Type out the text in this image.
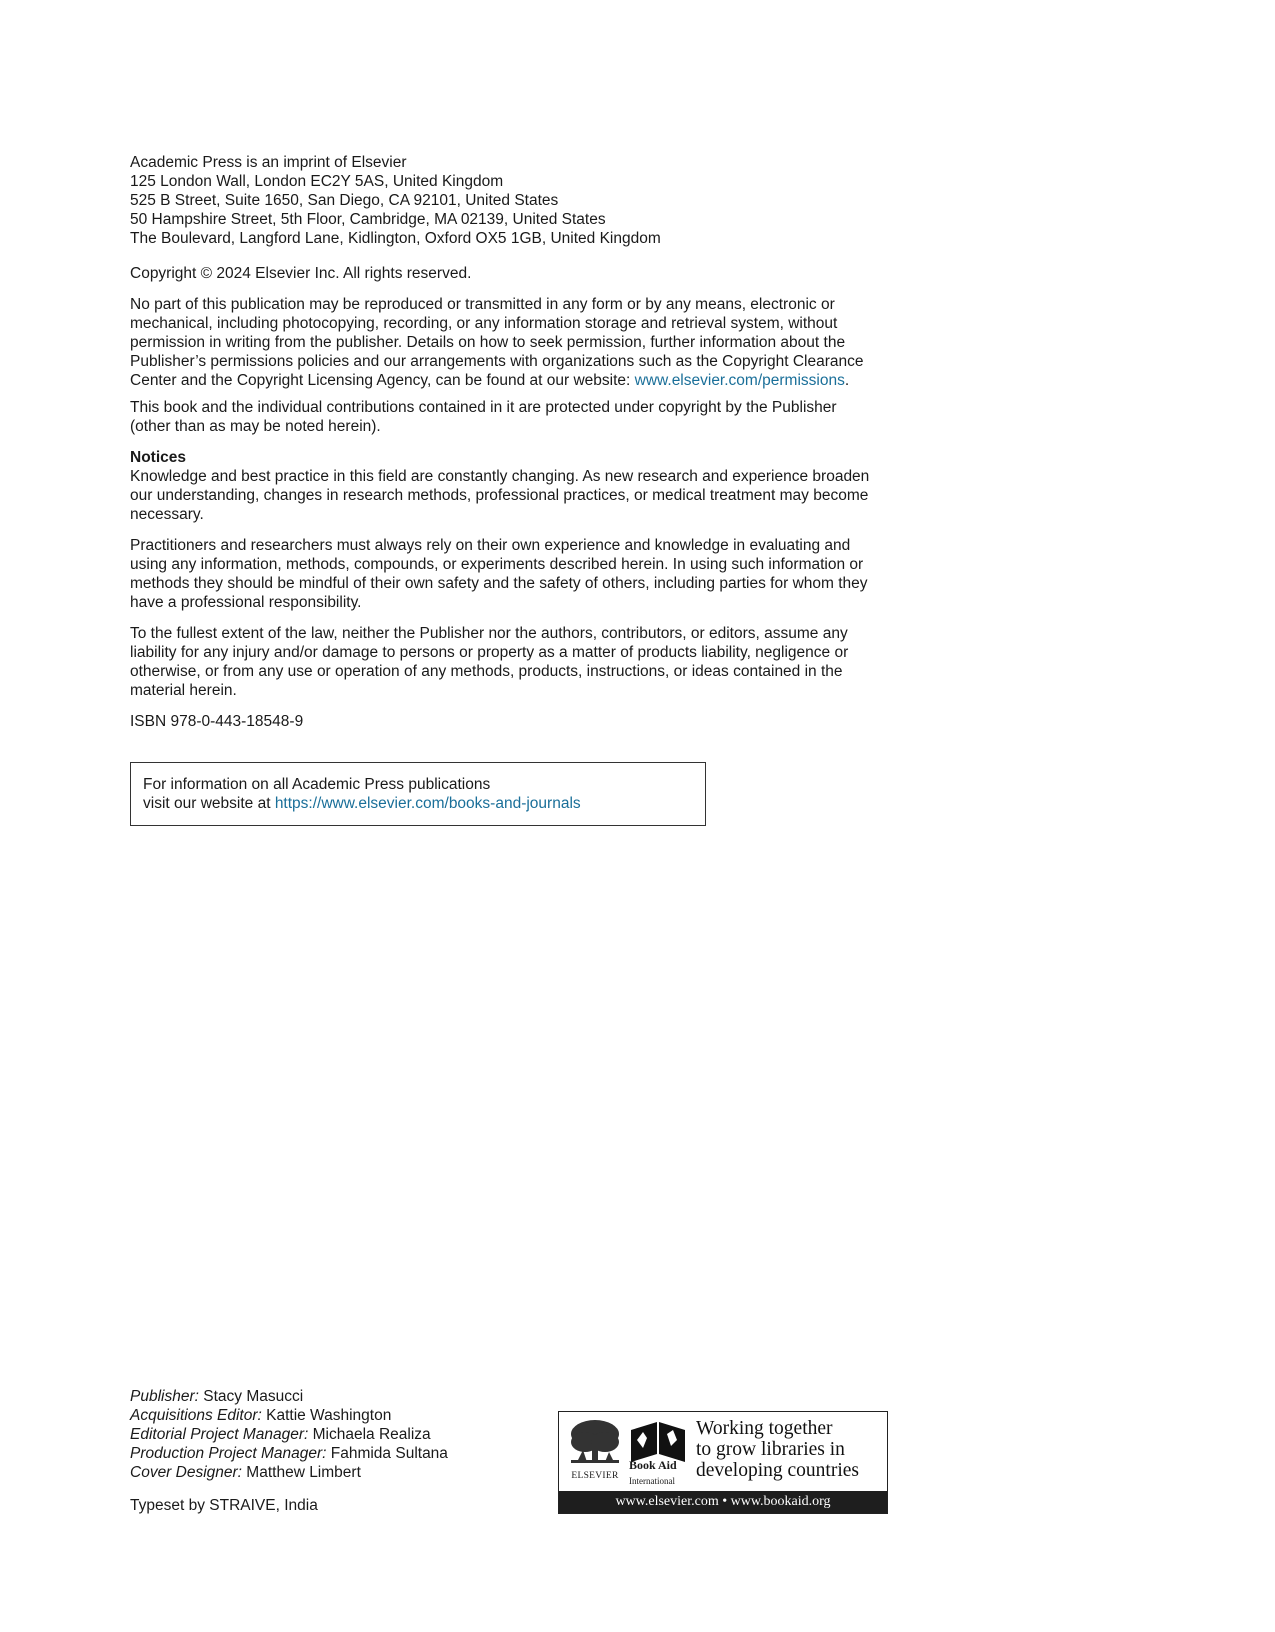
Academic Press is an imprint of Elsevier
125 London Wall, London EC2Y 5AS, United Kingdom
525 B Street, Suite 1650, San Diego, CA 92101, United States
50 Hampshire Street, 5th Floor, Cambridge, MA 02139, United States
The Boulevard, Langford Lane, Kidlington, Oxford OX5 1GB, United Kingdom
Copyright © 2024 Elsevier Inc. All rights reserved.
No part of this publication may be reproduced or transmitted in any form or by any means, electronic or
mechanical, including photocopying, recording, or any information storage and retrieval system, without
permission in writing from the publisher. Details on how to seek permission, further information about the
Publisher’s permissions policies and our arrangements with organizations such as the Copyright Clearance
Center and the Copyright Licensing Agency, can be found at our website: www.elsevier.com/permissions.
This book and the individual contributions contained in it are protected under copyright by the Publisher
(other than as may be noted herein).
Notices
Knowledge and best practice in this field are constantly changing. As new research and experience broaden
our understanding, changes in research methods, professional practices, or medical treatment may become
necessary.
Practitioners and researchers must always rely on their own experience and knowledge in evaluating and
using any information, methods, compounds, or experiments described herein. In using such information or
methods they should be mindful of their own safety and the safety of others, including parties for whom they
have a professional responsibility.
To the fullest extent of the law, neither the Publisher nor the authors, contributors, or editors, assume any
liability for any injury and/or damage to persons or property as a matter of products liability, negligence or
otherwise, or from any use or operation of any methods, products, instructions, or ideas contained in the
material herein.
ISBN 978-0-443-18548-9
For information on all Academic Press publications
visit our website at https://www.elsevier.com/books-and-journals
Publisher: Stacy Masucci
Acquisitions Editor: Kattie Washington
Editorial Project Manager: Michaela Realiza
Production Project Manager: Fahmida Sultana
Cover Designer: Matthew Limbert
Typeset by STRAIVE, India
ELSEVIER
Book Aid
International
Working together
to grow libraries in
developing countries
www.elsevier.com • www.bookaid.org
